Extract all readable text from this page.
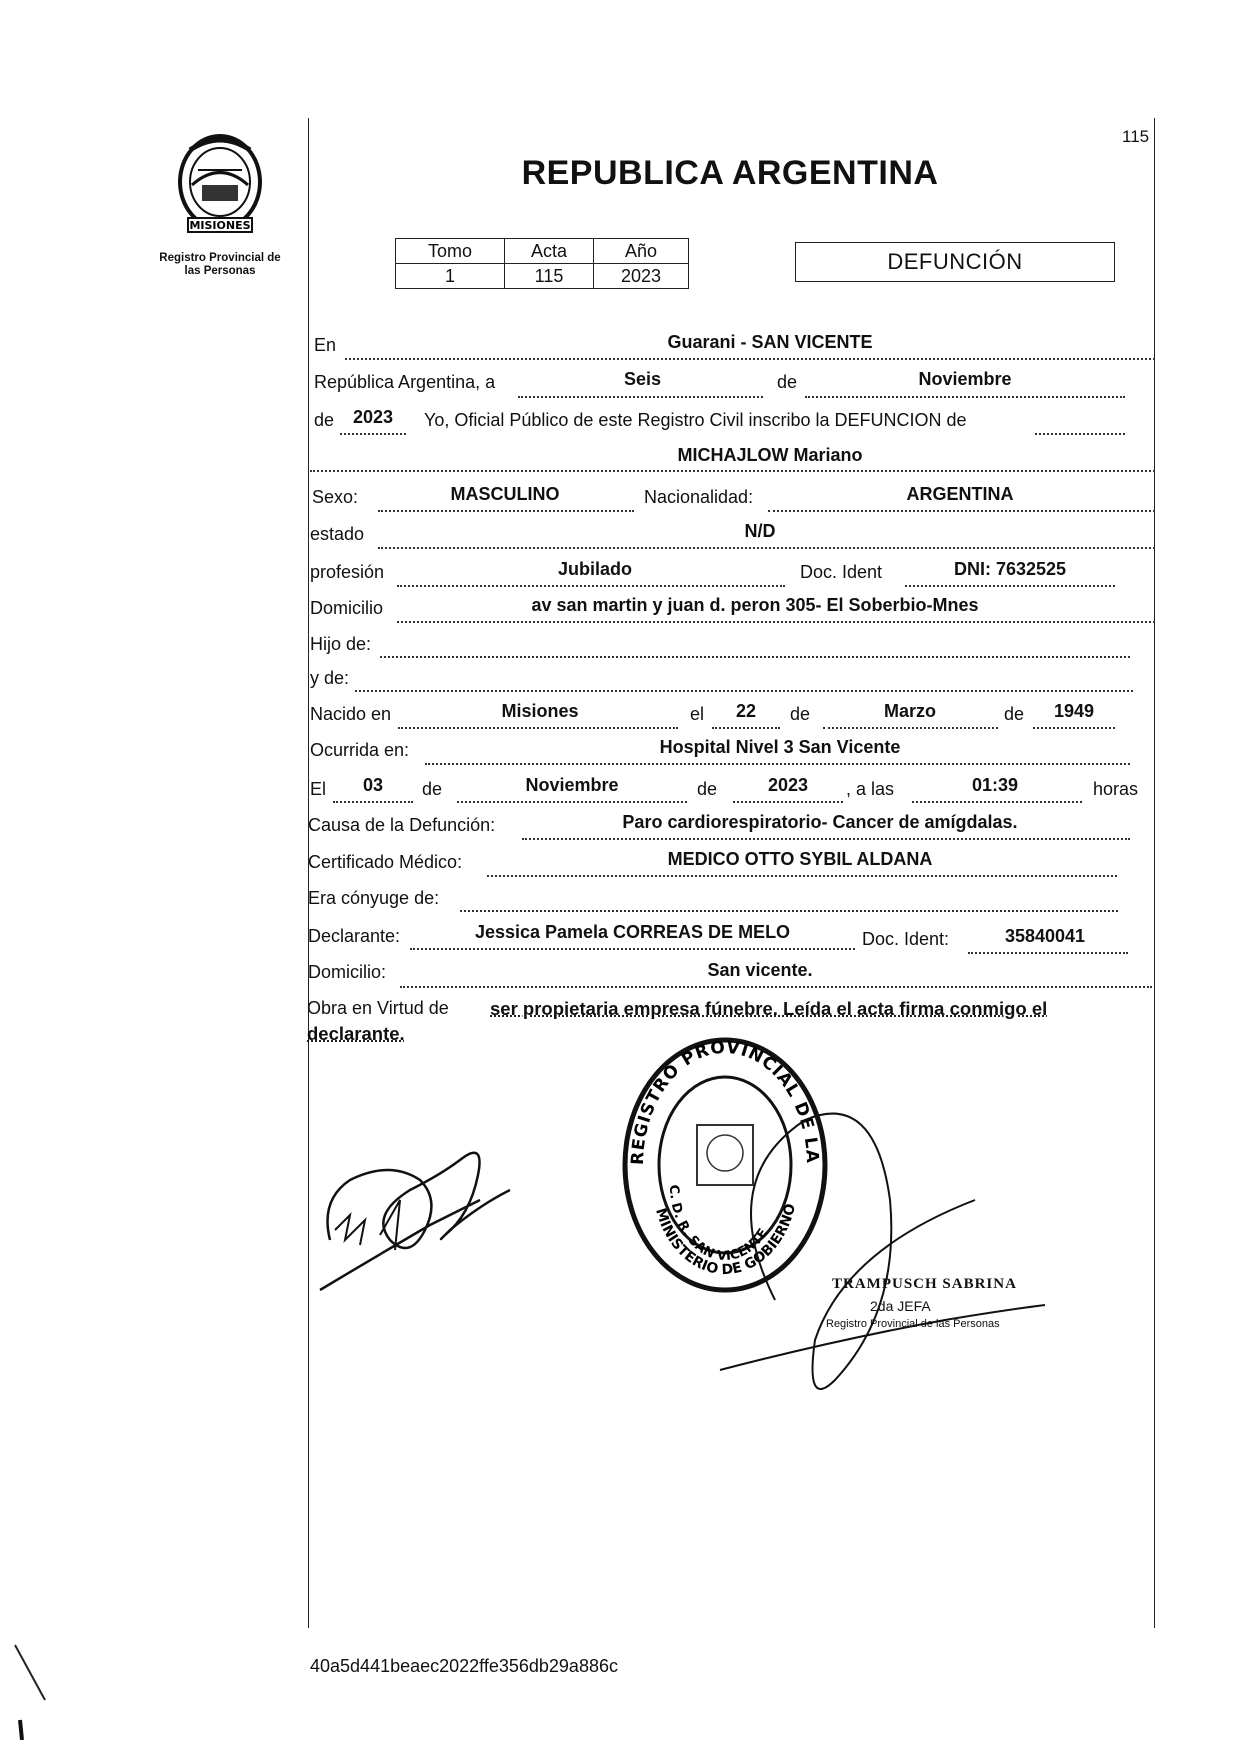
115
MISIONES
Registro Provincial de
las Personas
REPUBLICA ARGENTINA
Tomo	Acta	Año
1	115	2023
DEFUNCIÓN
En	Guarani - SAN VICENTE
República Argentina, a	Seis	de	Noviembre
de	2023	Yo, Oficial Público de este Registro Civil inscribo la DEFUNCION de
MICHAJLOW Mariano
Sexo:	MASCULINO	Nacionalidad:	ARGENTINA
estado	N/D
profesión	Jubilado	Doc. Ident	DNI: 7632525
Domicilio	av san martin y juan d. peron 305- El Soberbio-Mnes
Hijo de:
y de:
Nacido en	Misiones	el	22	de	Marzo	de	1949
Ocurrida en:	Hospital Nivel 3 San Vicente
El	03	de	Noviembre	de	2023	, a las	01:39	horas
Causa de la Defunción:	Paro cardiorespiratorio- Cancer de amígdalas.
Certificado Médico:	MEDICO OTTO SYBIL ALDANA
Era cónyuge de:
Declarante:	Jessica Pamela CORREAS DE MELO	Doc. Ident:	35840041
Domicilio:	San vicente.
Obra en Virtud de ser propietaria empresa fúnebre. Leída el acta firma conmigo el
declarante.
REGISTRO PROVINCIAL DE LA
C. D. R. SAN VICENTE
MINISTERIO DE GOBIERNO
TRAMPUSCH SABRINA
2da JEFA
Registro Provincial de las Personas
40a5d441beaec2022ffe356db29a886c
